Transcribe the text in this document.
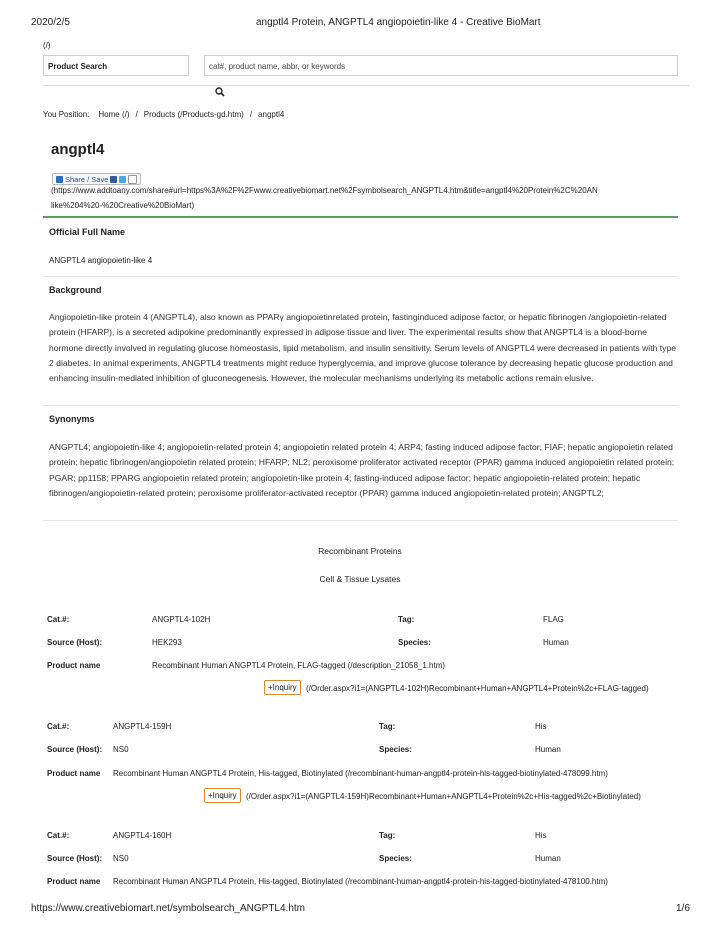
2020/2/5	angptl4 Protein, ANGPTL4 angiopoietin-like 4 - Creative BioMart
(/)
Product Search	cat#, product name, abbr, or keywords
You Position: Home (/) / Products (/Products-gd.htm) / angptl4
angptl4
Share / Save
(https://www.addtoany.com/share#url=https%3A%2F%2Fwww.creativebiomart.net%2Fsymbolsearch_ANGPTL4.htm&title=angptl4%20Protein%2C%20AN
like%204%20-%20Creative%20BioMart)
Official Full Name
ANGPTL4 angiopoietin-like 4
Background
Angiopoietin-like protein 4 (ANGPTL4), also known as PPARγ angiopoietinrelated protein, fastinginduced adipose factor, or hepatic fibrinogen /angiopoietin-related protein (HFARP), is a secreted adipokine predominantly expressed in adipose tissue and liver. The experimental results show that ANGPTL4 is a blood-borne hormone directly involved in regulating glucose homeostasis, lipid metabolism, and insulin sensitivity. Serum levels of ANGPTL4 were decreased in patients with type 2 diabetes. In animal experiments, ANGPTL4 treatments might reduce hyperglycemia, and improve glucose tolerance by decreasing hepatic glucose production and enhancing insulin-mediated inhibition of gluconeogenesis. However, the molecular mechanisms underlying its metabolic actions remain elusive.
Synonyms
ANGPTL4; angiopoietin-like 4; angiopoietin-related protein 4; angiopoietin related protein 4; ARP4; fasting induced adipose factor; FIAF; hepatic angiopoietin related protein; hepatic fibrinogen/angiopoietin related protein; HFARP; NL2; peroxisome proliferator activated receptor (PPAR) gamma induced angiopoietin related protein; PGAR; pp1158; PPARG angiopoietin related protein; angiopoietin-like protein 4; fasting-induced adipose factor; hepatic angiopoietin-related protein; hepatic fibrinogen/angiopoietin-related protein; peroxisome proliferator-activated receptor (PPAR) gamma induced angiopoietin-related protein; ANGPTL2;
Recombinant Proteins
Cell & Tissue Lysates
Cat.#:	ANGPTL4-102H	Tag:	FLAG
Source (Host):	HEK293	Species:	Human
Product name	Recombinant Human ANGPTL4 Protein, FLAG-tagged (/description_21058_1.htm)
+Inquiry	(/Order.aspx?i1=(ANGPTL4-102H)Recombinant+Human+ANGPTL4+Protein%2c+FLAG-tagged)
Cat.#:	ANGPTL4-159H	Tag:	His
Source (Host): NS0	Species:	Human
Product name Recombinant Human ANGPTL4 Protein, His-tagged, Biotinylated (/recombinant-human-angptl4-protein-his-tagged-biotinylated-478099.htm)
+Inquiry	(/Order.aspx?i1=(ANGPTL4-159H)Recombinant+Human+ANGPTL4+Protein%2c+His-tagged%2c+Biotinylated)
Cat.#:	ANGPTL4-160H	Tag:	His
Source (Host): NS0	Species:	Human
Product name Recombinant Human ANGPTL4 Protein, His-tagged, Biotinylated (/recombinant-human-angptl4-protein-his-tagged-biotinylated-478100.htm)
https://www.creativebiomart.net/symbolsearch_ANGPTL4.htm	1/6
